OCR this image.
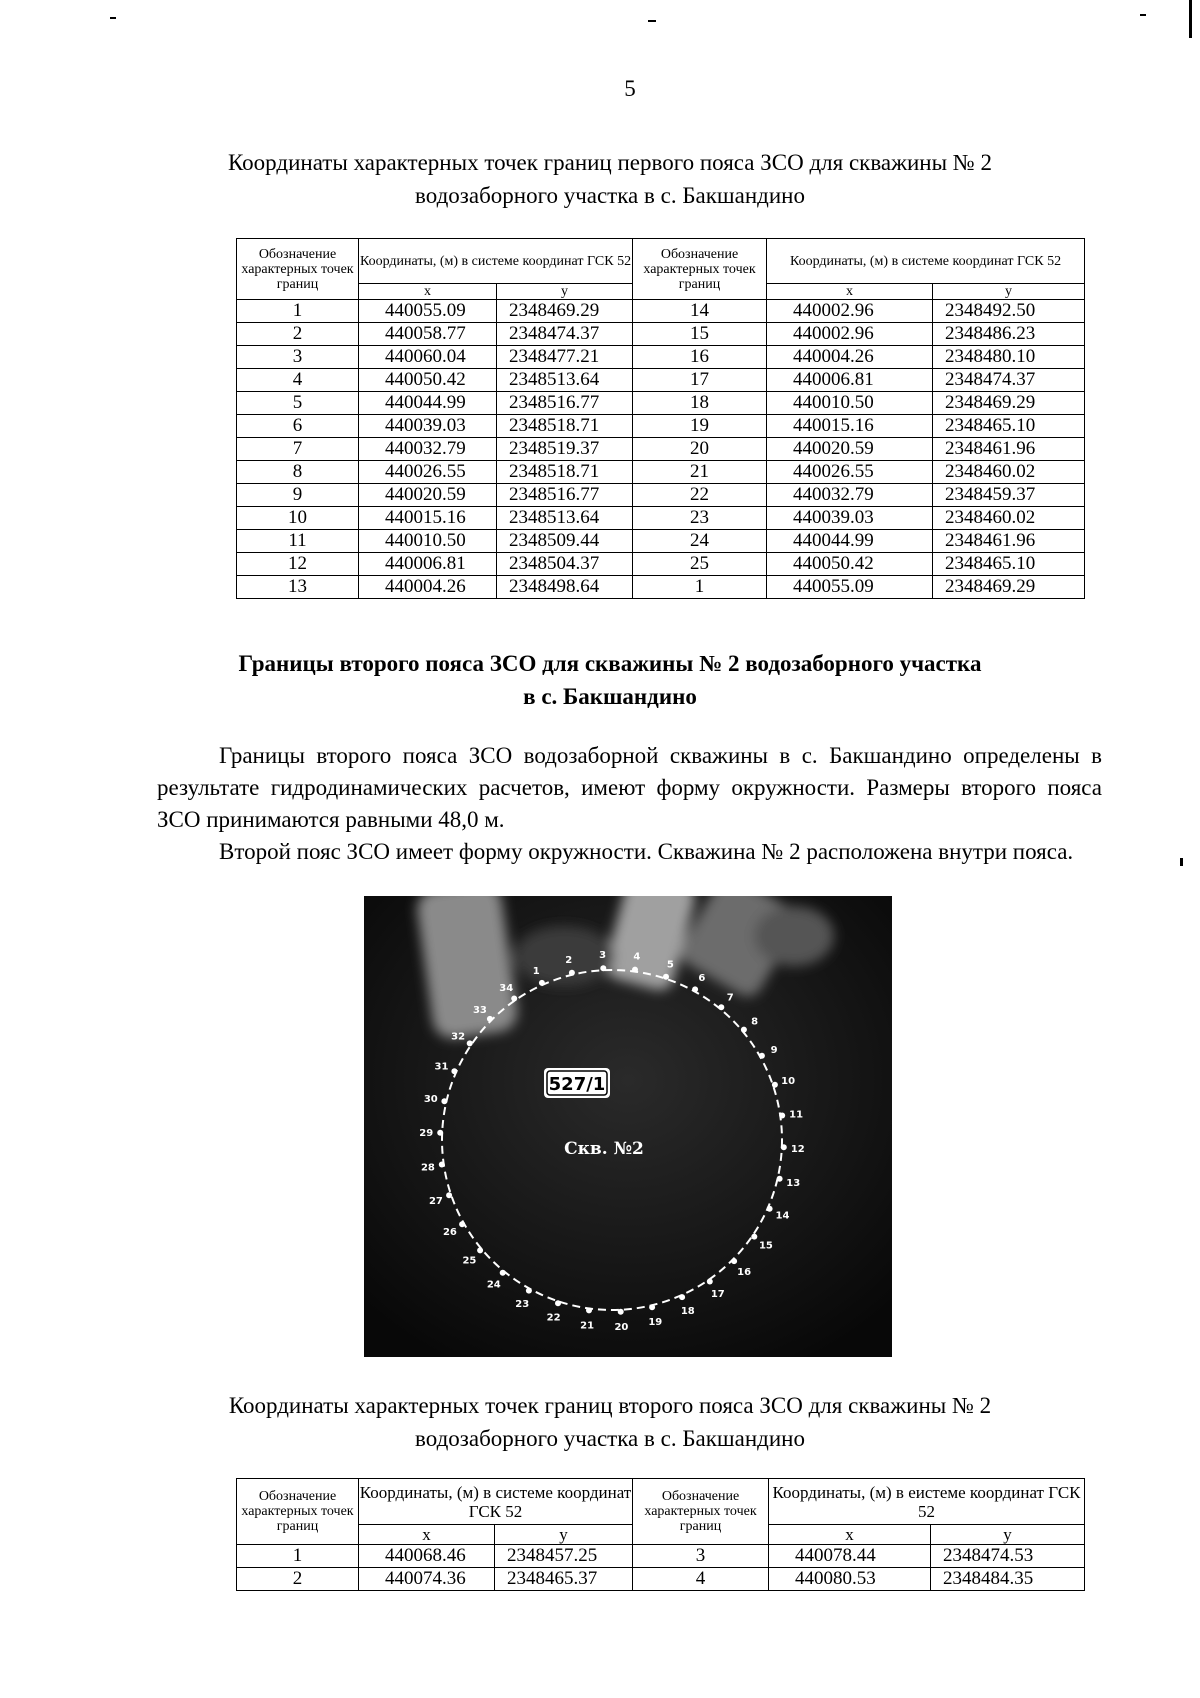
5
Координаты характерных точек границ первого пояса ЗСО для скважины № 2
водозаборного участка в с. Бакшандино
Обозначение характерных точек границ	Координаты, (м) в системе координат ГСК 52		Обозначение характерных точек границ	Координаты, (м) в системе координат ГСК 52	
	x	y		x	y
1	440055.09	2348469.29	14	440002.96	2348492.50
2	440058.77	2348474.37	15	440002.96	2348486.23
3	440060.04	2348477.21	16	440004.26	2348480.10
4	440050.42	2348513.64	17	440006.81	2348474.37
5	440044.99	2348516.77	18	440010.50	2348469.29
6	440039.03	2348518.71	19	440015.16	2348465.10
7	440032.79	2348519.37	20	440020.59	2348461.96
8	440026.55	2348518.71	21	440026.55	2348460.02
9	440020.59	2348516.77	22	440032.79	2348459.37
10	440015.16	2348513.64	23	440039.03	2348460.02
11	440010.50	2348509.44	24	440044.99	2348461.96
12	440006.81	2348504.37	25	440050.42	2348465.10
13	440004.26	2348498.64	1	440055.09	2348469.29
Границы второго пояса ЗСО для скважины № 2 водозаборного участка
в с. Бакшандино

Границы второго пояса ЗСО водозаборной скважины в с. Бакшандино определены в результате гидродинамических расчетов, имеют форму окружности. Размеры второго пояса ЗСО принимаются равными 48,0 м.

Второй пояс ЗСО имеет форму окружности. Скважина № 2 расположена внутри пояса.

1
2	3	4
5
6
7
8
9
10
11
12
13
14
15
16
17
18
19
20
21
22
23
24
25
26
27
28
29
30
31
32
33
34
527/1
Скв. №2
Координаты характерных точек границ второго пояса ЗСО для скважины № 2
водозаборного участка в с. Бакшандино
Обозначение характерных точек границ	Координаты, (м) в системе координат ГСК 52		Обозначение характерных точек границ	Координаты, (м) в еистеме координат ГСК 52	
	x	y		x	y
1	440068.46	2348457.25	3	440078.44	2348474.53
2	440074.36	2348465.37	4	440080.53	2348484.35
